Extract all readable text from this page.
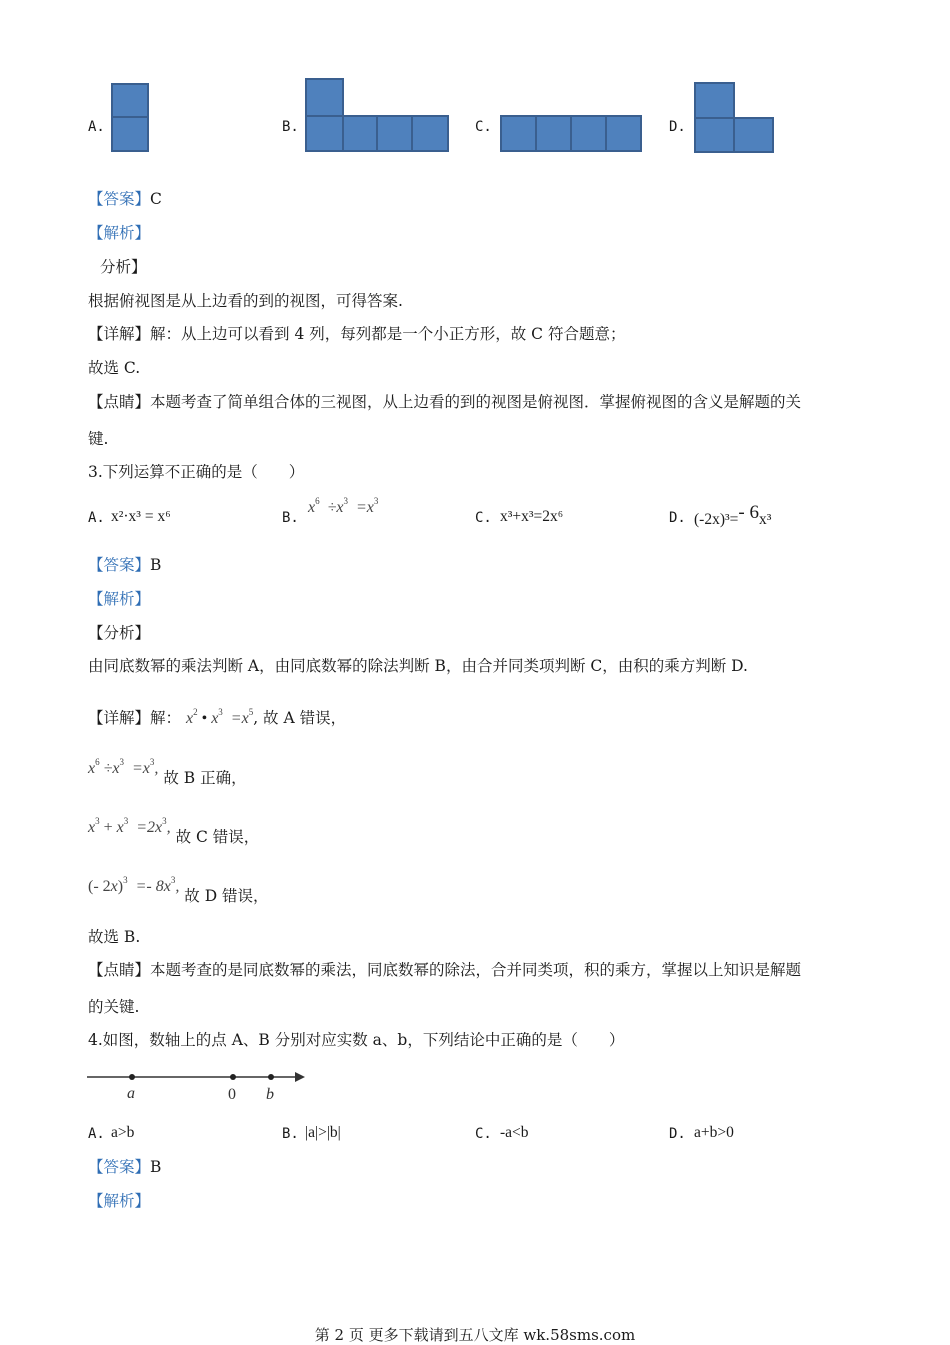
A.	B.	C.	D.
【答案】C
【解析】
分析】
根据俯视图是从上边看的到的视图，可得答案.
【详解】解：从上边可以看到 4 列，每列都是一个小正方形，故 C 符合题意；
故选 C.
【点睛】本题考查了简单组合体的三视图，从上边看的到的视图是俯视图．掌握俯视图的含义是解题的关
键.
3.下列运算不正确的是（　　）
A. x²·x³ = x⁶	B.
$x^6 \div x^3 =x^3$
C. x³+x³=2x⁶	D. (-2x)³=- 6x³
【答案】B
【解析】
【分析】
由同底数幂的乘法判断 A，由同底数幂的除法判断 B，由合并同类项判断 C，由积的乘方判断 D.
【详解】解： $x^2$ • $x^3 =x^5$, 故 A 错误，
$x^6 \div x^3 =x^3$, 故 B 正确，
$x^3 + x^3 =2x^3$, 故 C 错误，
(- $2x)^3 =- 8x^3$, 故 D 错误，
故选 B.
【点睛】本题考查的是同底数幂的乘法，同底数幂的除法，合并同类项，积的乘方，掌握以上知识是解题
的关键.
4.如图，数轴上的点 A、B 分别对应实数 a、b，下列结论中正确的是（　　）
a	0 b
A. a>b	B. |a|>|b|	C. -a<b	D. a+b>0
【答案】B
【解析】
第 2 页 更多下载请到五八文库 wk.58sms.com
